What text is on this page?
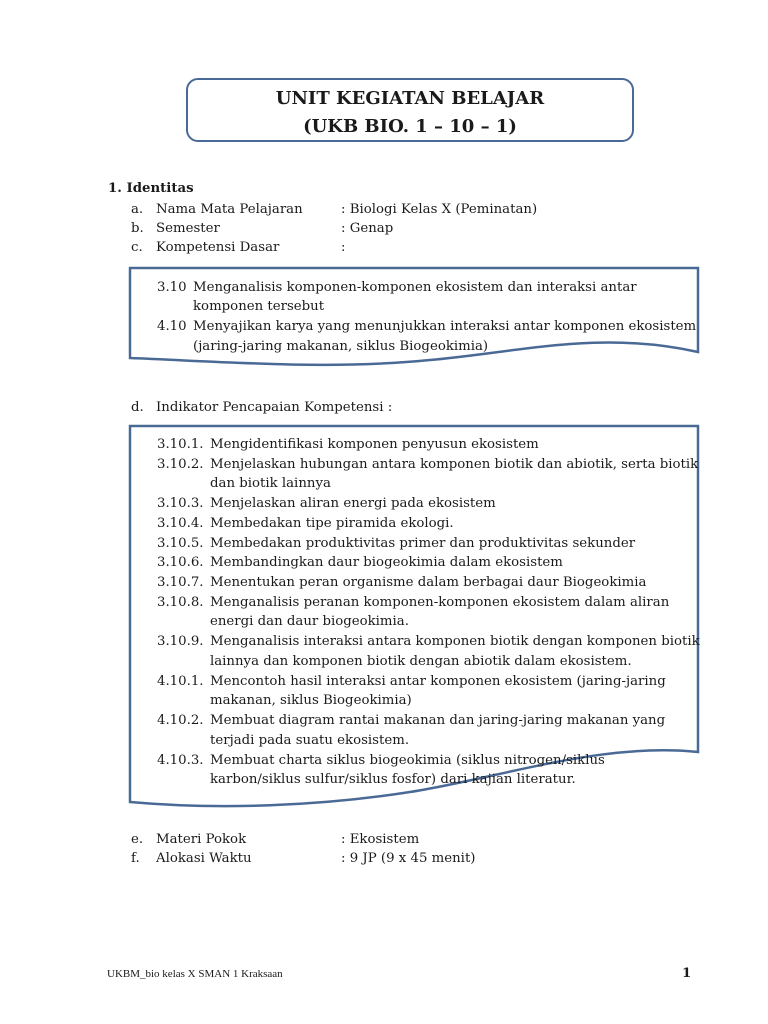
UNIT KEGIATAN BELAJAR
(UKB BIO. 1 – 10 – 1)
1. Identitas
a. Nama Mata Pelajaran	: Biologi Kelas X (Peminatan)
b. Semester	: Genap
c. Kompetensi Dasar	:
3.10 Menganalisis komponen-komponen ekosistem dan interaksi antar
komponen tersebut
4.10 Menyajikan karya yang menunjukkan interaksi antar komponen ekosistem
(jaring-jaring makanan, siklus Biogeokimia)
d. Indikator Pencapaian Kompetensi :
3.10.1. Mengidentifikasi komponen penyusun ekosistem
3.10.2. Menjelaskan hubungan antara komponen biotik dan abiotik, serta biotik
dan biotik lainnya
3.10.3. Menjelaskan aliran energi pada ekosistem
3.10.4. Membedakan tipe piramida ekologi.
3.10.5. Membedakan produktivitas primer dan produktivitas sekunder
3.10.6. Membandingkan daur biogeokimia dalam ekosistem
3.10.7. Menentukan peran organisme dalam berbagai daur Biogeokimia
3.10.8. Menganalisis peranan komponen-komponen ekosistem dalam aliran
energi dan daur biogeokimia.
3.10.9. Menganalisis interaksi antara komponen biotik dengan komponen biotik
lainnya dan komponen biotik dengan abiotik dalam ekosistem.
4.10.1. Mencontoh hasil interaksi antar komponen ekosistem (jaring-jaring
makanan, siklus Biogeokimia)
4.10.2. Membuat diagram rantai makanan dan jaring-jaring makanan yang
terjadi pada suatu ekosistem.
4.10.3. Membuat charta siklus biogeokimia (siklus nitrogen/siklus
karbon/siklus sulfur/siklus fosfor) dari kajian literatur.
e. Materi Pokok	: Ekosistem
f. Alokasi Waktu	: 9 JP (9 x 45 menit)
UKBM_bio kelas X SMAN 1 Kraksaan	1
